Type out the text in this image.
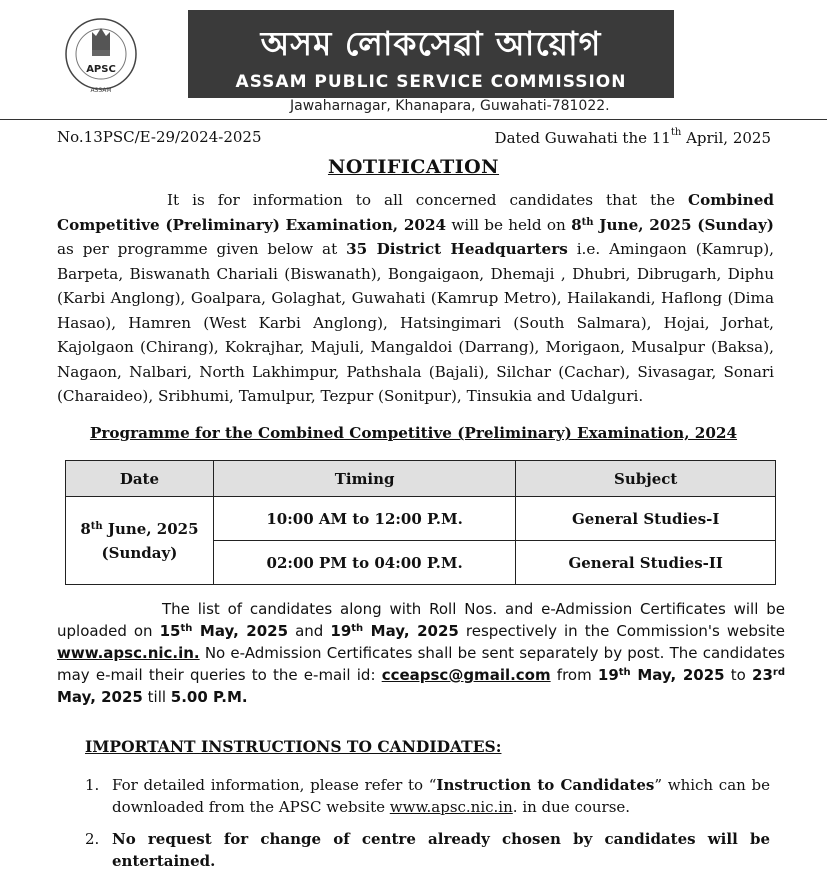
APSC
ASSAM
অসম লোকসেৱা আয়োগ
ASSAM PUBLIC SERVICE COMMISSION
Jawaharnagar, Khanapara, Guwahati-781022.
No.13PSC/E-29/2024-2025	Dated Guwahati the 11th April, 2025
NOTIFICATION

It is for information to all concerned candidates that the Combined Competitive (Preliminary) Examination, 2024 will be held on 8th June, 2025 (Sunday) as per programme given below at 35 District Headquarters i.e. Amingaon (Kamrup), Barpeta, Biswanath Chariali (Biswanath), Bongaigaon, Dhemaji , Dhubri, Dibrugarh, Diphu (Karbi Anglong), Goalpara, Golaghat, Guwahati (Kamrup Metro), Hailakandi, Haflong (Dima Hasao), Hamren (West Karbi Anglong), Hatsingimari (South Salmara), Hojai, Jorhat, Kajolgaon (Chirang), Kokrajhar, Majuli, Mangaldoi (Darrang), Morigaon, Musalpur (Baksa), Nagaon, Nalbari, North Lakhimpur, Pathshala (Bajali), Silchar (Cachar), Sivasagar, Sonari (Charaideo), Sribhumi, Tamulpur, Tezpur (Sonitpur), Tinsukia and Udalguri.

Programme for the Combined Competitive (Preliminary) Examination, 2024
Date	Timing	Subject
8th June, 2025
(Sunday)	10:00 AM to 12:00 P.M.	General Studies-I
	02:00 PM to 04:00 P.M.	General Studies-II

The list of candidates along with Roll Nos. and e-Admission Certificates will be uploaded on 15th May, 2025 and 19th May, 2025 respectively in the Commission's website www.apsc.nic.in. No e-Admission Certificates shall be sent separately by post. The candidates may e-mail their queries to the e-mail id: cceapsc@gmail.com from 19th May, 2025 to 23rd May, 2025 till 5.00 P.M.

IMPORTANT INSTRUCTIONS TO CANDIDATES:
1. For detailed information, please refer to “Instruction to Candidates” which can be downloaded from the APSC website www.apsc.nic.in. in due course.
2. No request for change of centre already chosen by candidates will be entertained.
